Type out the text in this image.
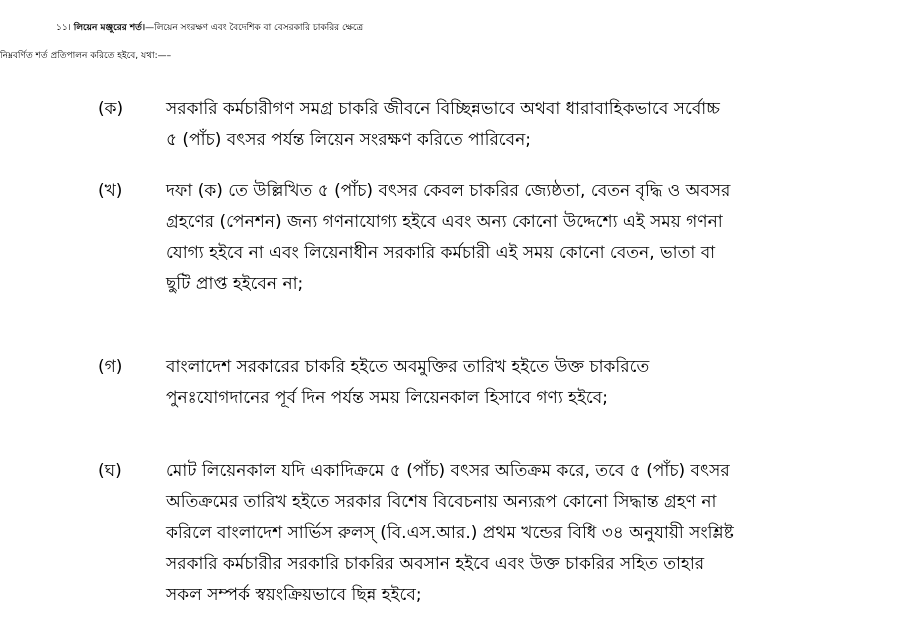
১১। লিয়েন মঞ্জুরের শর্ত।—লিয়েন সংরক্ষণ এবং বৈদেশিক বা বেসরকারি চাকরির ক্ষেত্রে
নিম্নবর্ণিত শর্ত প্রতিপালন করিতে হইবে, যথা:—–
(ক)	সরকারি কর্মচারীগণ সমগ্র চাকরি জীবনে বিচ্ছিন্নভাবে অথবা ধারাবাহিকভাবে সর্বোচ্চ
৫ (পাঁচ) বৎসর পর্যন্ত লিয়েন সংরক্ষণ করিতে পারিবেন;
(খ)	দফা (ক) তে উল্লিখিত ৫ (পাঁচ) বৎসর কেবল চাকরির জ্যেষ্ঠতা, বেতন বৃদ্ধি ও অবসর
গ্রহণের (পেনশন) জন্য গণনাযোগ্য হইবে এবং অন্য কোনো উদ্দেশ্যে এই সময় গণনা
যোগ্য হইবে না এবং লিয়েনাধীন সরকারি কর্মচারী এই সময় কোনো বেতন, ভাতা বা
ছুটি প্রাপ্ত হইবেন না;
(গ)	বাংলাদেশ সরকারের চাকরি হইতে অবমুক্তির তারিখ হইতে উক্ত চাকরিতে
পুনঃযোগদানের পূর্ব দিন পর্যন্ত সময় লিয়েনকাল হিসাবে গণ্য হইবে;
(ঘ)	মোট লিয়েনকাল যদি একাদিক্রমে ৫ (পাঁচ) বৎসর অতিক্রম করে, তবে ৫ (পাঁচ) বৎসর
অতিক্রমের তারিখ হইতে সরকার বিশেষ বিবেচনায় অন্যরূপ কোনো সিদ্ধান্ত গ্রহণ না
করিলে বাংলাদেশ সার্ভিস রুলস্ (বি.এস.আর.) প্রথম খন্ডের বিধি ৩৪ অনুযায়ী সংশ্লিষ্ট
সরকারি কর্মচারীর সরকারি চাকরির অবসান হইবে এবং উক্ত চাকরির সহিত তাহার
সকল সম্পর্ক স্বয়ংক্রিয়ভাবে ছিন্ন হইবে;
